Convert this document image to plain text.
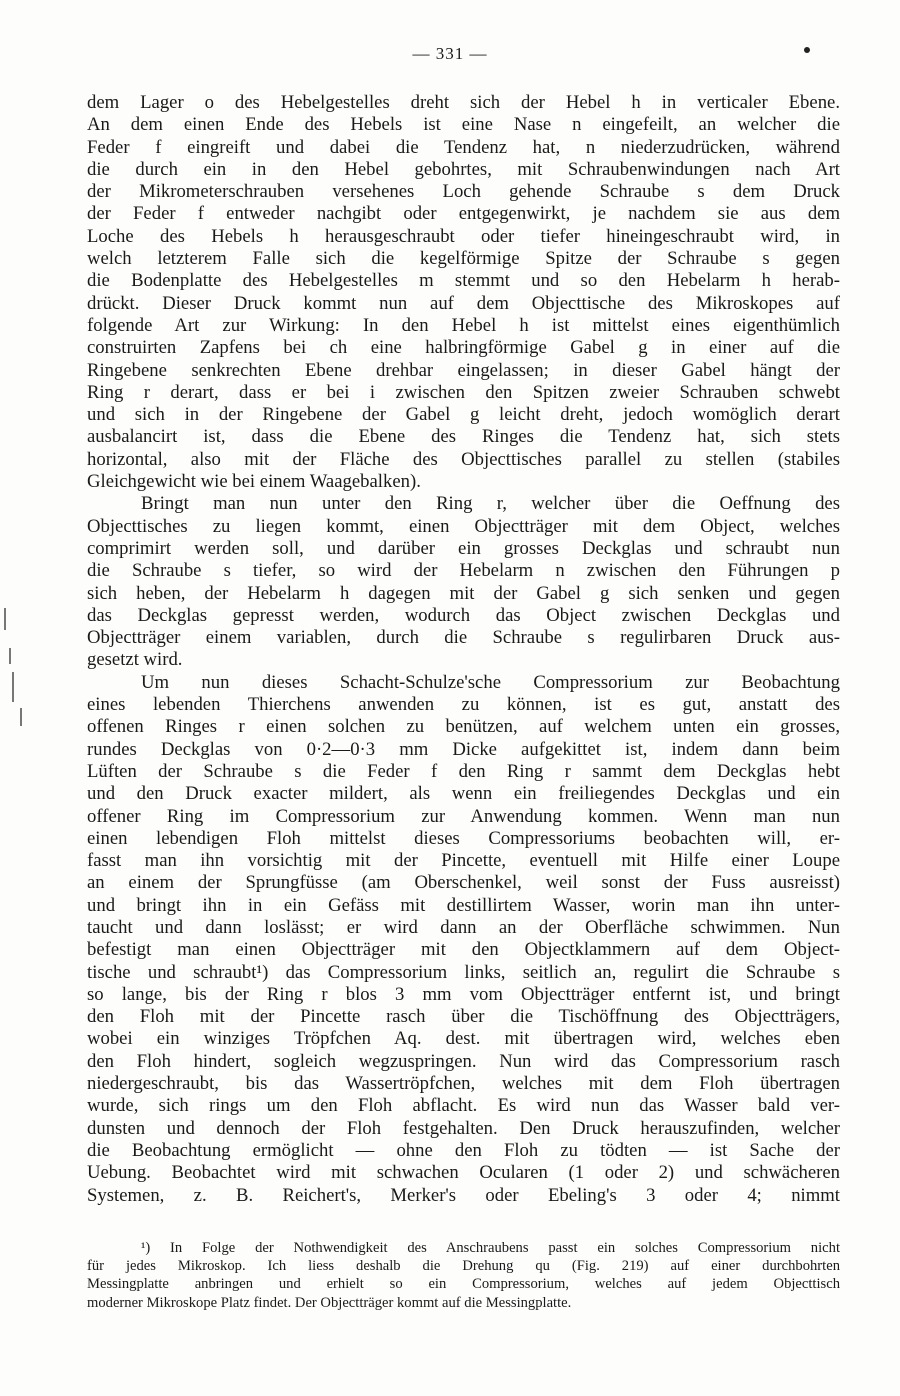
— 331 —
dem Lager o des Hebelgestelles dreht sich der Hebel h in verticaler Ebene.
An dem einen Ende des Hebels ist eine Nase n eingefeilt, an welcher die
Feder f eingreift und dabei die Tendenz hat, n niederzudrücken, während
die durch ein in den Hebel gebohrtes, mit Schraubenwindungen nach Art
der Mikrometerschrauben versehenes Loch gehende Schraube s dem Druck
der Feder f entweder nachgibt oder entgegenwirkt, je nachdem sie aus dem
Loche des Hebels h herausgeschraubt oder tiefer hineingeschraubt wird, in
welch letzterem Falle sich die kegelförmige Spitze der Schraube s gegen
die Bodenplatte des Hebelgestelles m stemmt und so den Hebelarm h herab-
drückt. Dieser Druck kommt nun auf dem Objecttische des Mikroskopes auf
folgende Art zur Wirkung: In den Hebel h ist mittelst eines eigenthümlich
construirten Zapfens bei ch eine halbringförmige Gabel g in einer auf die
Ringebene senkrechten Ebene drehbar eingelassen; in dieser Gabel hängt der
Ring r derart, dass er bei i zwischen den Spitzen zweier Schrauben schwebt
und sich in der Ringebene der Gabel g leicht dreht, jedoch womöglich derart
ausbalancirt ist, dass die Ebene des Ringes die Tendenz hat, sich stets
horizontal, also mit der Fläche des Objecttisches parallel zu stellen (stabiles
Gleichgewicht wie bei einem Waagebalken).
Bringt man nun unter den Ring r, welcher über die Oeffnung des
Objecttisches zu liegen kommt, einen Objectträger mit dem Object, welches
comprimirt werden soll, und darüber ein grosses Deckglas und schraubt nun
die Schraube s tiefer, so wird der Hebelarm n zwischen den Führungen p
sich heben, der Hebelarm h dagegen mit der Gabel g sich senken und gegen
das Deckglas gepresst werden, wodurch das Object zwischen Deckglas und
Objectträger einem variablen, durch die Schraube s regulirbaren Druck aus-
gesetzt wird.
Um nun dieses Schacht-Schulze'sche Compressorium zur Beobachtung
eines lebenden Thierchens anwenden zu können, ist es gut, anstatt des
offenen Ringes r einen solchen zu benützen, auf welchem unten ein grosses,
rundes Deckglas von 0·2—0·3 mm Dicke aufgekittet ist, indem dann beim
Lüften der Schraube s die Feder f den Ring r sammt dem Deckglas hebt
und den Druck exacter mildert, als wenn ein freiliegendes Deckglas und ein
offener Ring im Compressorium zur Anwendung kommen. Wenn man nun
einen lebendigen Floh mittelst dieses Compressoriums beobachten will, er-
fasst man ihn vorsichtig mit der Pincette, eventuell mit Hilfe einer Loupe
an einem der Sprungfüsse (am Oberschenkel, weil sonst der Fuss ausreisst)
und bringt ihn in ein Gefäss mit destillirtem Wasser, worin man ihn unter-
taucht und dann loslässt; er wird dann an der Oberfläche schwimmen. Nun
befestigt man einen Objectträger mit den Objectklammern auf dem Object-
tische und schraubt¹) das Compressorium links, seitlich an, regulirt die Schraube s
so lange, bis der Ring r blos 3 mm vom Objectträger entfernt ist, und bringt
den Floh mit der Pincette rasch über die Tischöffnung des Objectträgers,
wobei ein winziges Tröpfchen Aq. dest. mit übertragen wird, welches eben
den Floh hindert, sogleich wegzuspringen. Nun wird das Compressorium rasch
niedergeschraubt, bis das Wassertröpfchen, welches mit dem Floh übertragen
wurde, sich rings um den Floh abflacht. Es wird nun das Wasser bald ver-
dunsten und dennoch der Floh festgehalten. Den Druck herauszufinden, welcher
die Beobachtung ermöglicht — ohne den Floh zu tödten — ist Sache der
Uebung. Beobachtet wird mit schwachen Ocularen (1 oder 2) und schwächeren
Systemen, z. B. Reichert's, Merker's oder Ebeling's 3 oder 4; nimmt
¹) In Folge der Nothwendigkeit des Anschraubens passt ein solches Compressorium nicht
für jedes Mikroskop. Ich liess deshalb die Drehung qu (Fig. 219) auf einer durchbohrten
Messingplatte anbringen und erhielt so ein Compressorium, welches auf jedem Objecttisch
moderner Mikroskope Platz findet. Der Objectträger kommt auf die Messingplatte.
